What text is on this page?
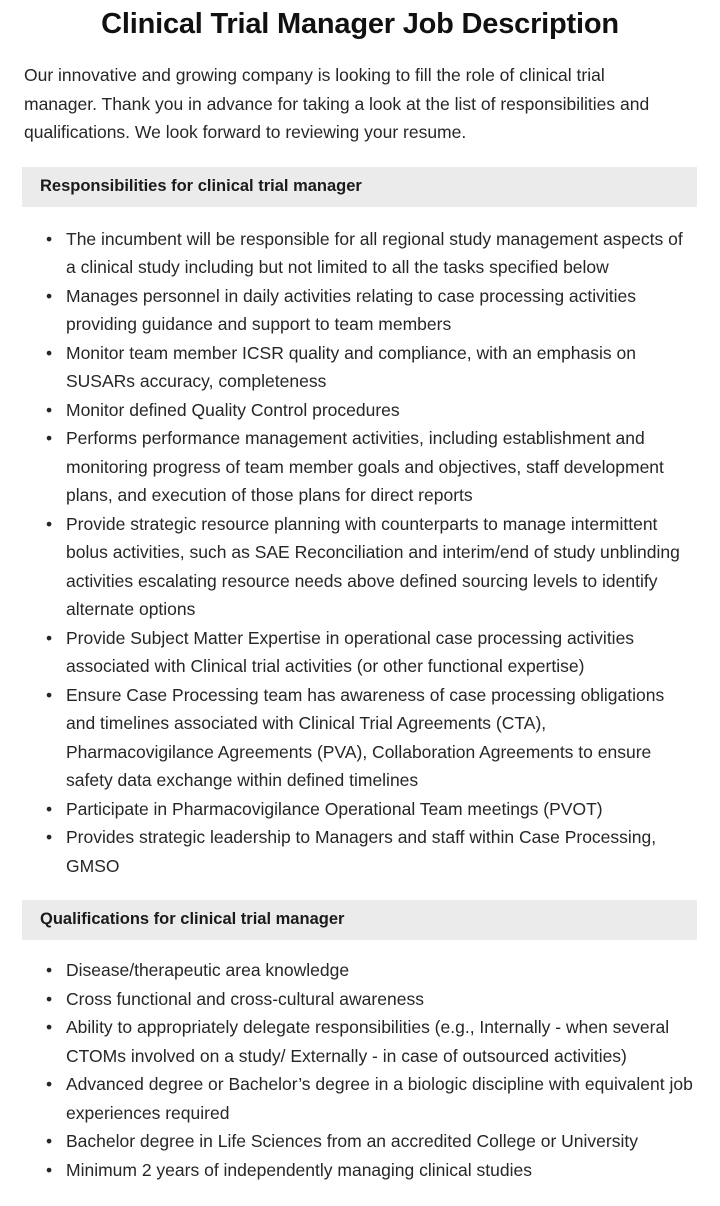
Clinical Trial Manager Job Description

Our innovative and growing company is looking to fill the role of clinical trial manager. Thank you in advance for taking a look at the list of responsibilities and qualifications. We look forward to reviewing your resume.

Responsibilities for clinical trial manager
• The incumbent will be responsible for all regional study management aspects of a clinical study including but not limited to all the tasks specified below
• Manages personnel in daily activities relating to case processing activities providing guidance and support to team members
• Monitor team member ICSR quality and compliance, with an emphasis on SUSARs accuracy, completeness
• Monitor defined Quality Control procedures
• Performs performance management activities, including establishment and monitoring progress of team member goals and objectives, staff development plans, and execution of those plans for direct reports
• Provide strategic resource planning with counterparts to manage intermittent bolus activities, such as SAE Reconciliation and interim/end of study unblinding activities escalating resource needs above defined sourcing levels to identify alternate options
• Provide Subject Matter Expertise in operational case processing activities associated with Clinical trial activities (or other functional expertise)
• Ensure Case Processing team has awareness of case processing obligations and timelines associated with Clinical Trial Agreements (CTA), Pharmacovigilance Agreements (PVA), Collaboration Agreements to ensure safety data exchange within defined timelines
• Participate in Pharmacovigilance Operational Team meetings (PVOT)
• Provides strategic leadership to Managers and staff within Case Processing, GMSO
Qualifications for clinical trial manager
• Disease/therapeutic area knowledge
• Cross functional and cross-cultural awareness
• Ability to appropriately delegate responsibilities (e.g., Internally - when several CTOMs involved on a study/ Externally - in case of outsourced activities)
• Advanced degree or Bachelor’s degree in a biologic discipline with equivalent job experiences required
• Bachelor degree in Life Sciences from an accredited College or University
• Minimum 2 years of independently managing clinical studies
